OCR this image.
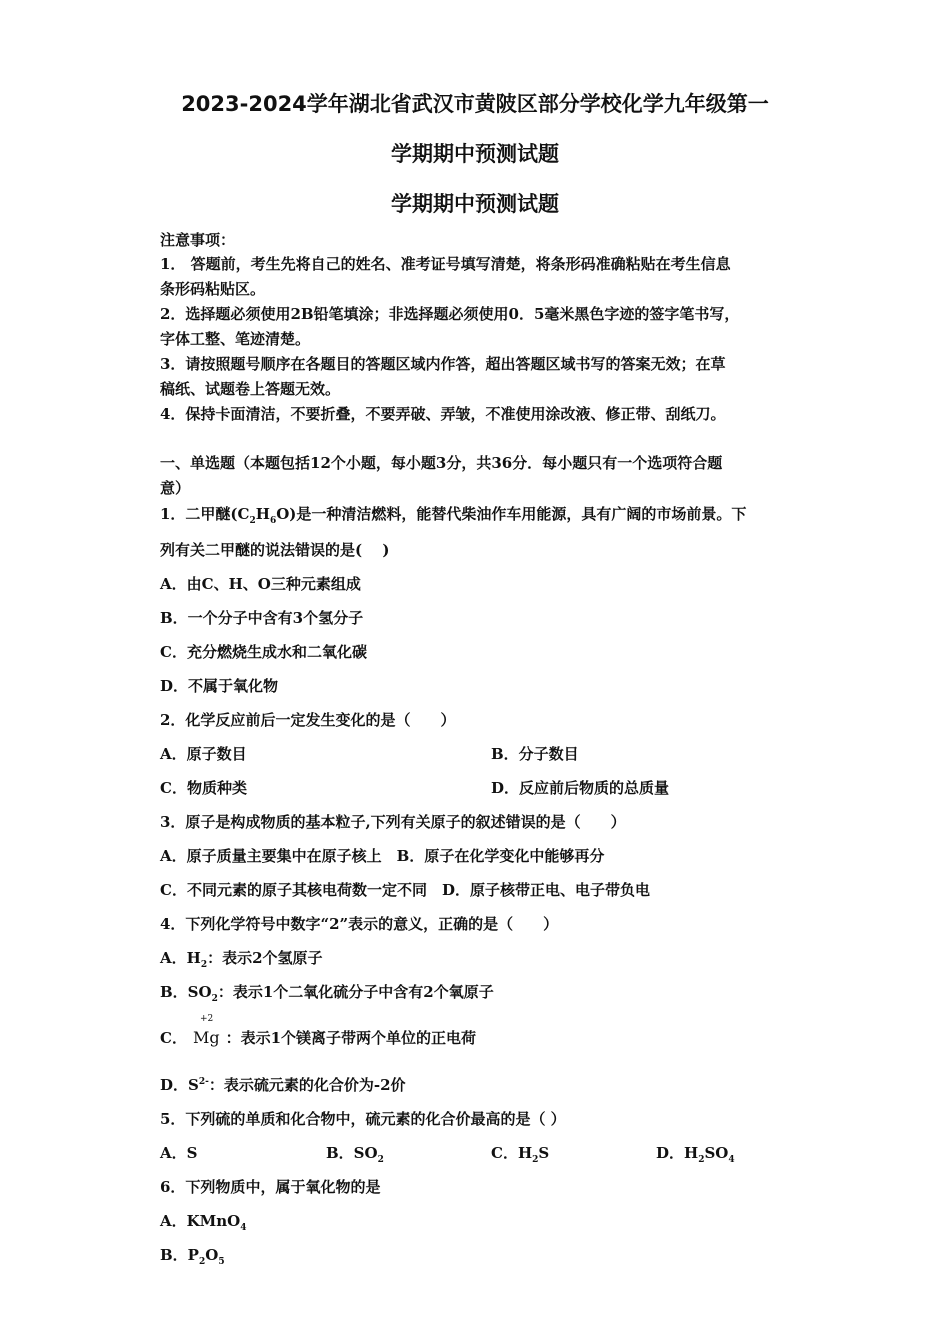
2023-2024学年湖北省武汉市黄陂区部分学校化学九年级第一
学期期中预测试题
学期期中预测试题
注意事项：
1． 答题前，考生先将自己的姓名、准考证号填写清楚，将条形码准确粘贴在考生信息
条形码粘贴区。
2．选择题必须使用2B铅笔填涂；非选择题必须使用0．5毫米黑色字迹的签字笔书写，
字体工整、笔迹清楚。
3．请按照题号顺序在各题目的答题区域内作答，超出答题区域书写的答案无效；在草
稿纸、试题卷上答题无效。
4．保持卡面清洁，不要折叠，不要弄破、弄皱，不准使用涂改液、修正带、刮纸刀。
一、单选题（本题包括12个小题，每小题3分，共36分．每小题只有一个选项符合题
意）
1．二甲醚$(C_2H_6O)$是一种清洁燃料，能替代柴油作车用能源，具有广阔的市场前景。下
列有关二甲醚的说法错误的是(　 )
A．由C、H、O三种元素组成
B．一个分子中含有3个氢分子
C．充分燃烧生成水和二氧化碳
D．不属于氧化物
2．化学反应前后一定发生变化的是（　　）
A．原子数目	B．分子数目
C．物质种类	D．反应前后物质的总质量
3．原子是构成物质的基本粒子,下列有关原子的叙述错误的是（　　）
A．原子质量主要集中在原子核上　B．原子在化学变化中能够再分
C．不同元素的原子其核电荷数一定不同　D．原子核带正电、电子带负电
4．下列化学符号中数字“2”表示的意义，正确的是（　　）
A．$H_2$：表示2个氢原子
B．$SO_2$：表示1个二氧化硫分子中含有2个氧原子
C．
+2
Mg ：表示1个镁离子带两个单位的正电荷
D．$S^{2-}$：表示硫元素的化合价为-2价
5．下列硫的单质和化合物中，硫元素的化合价最高的是（ ）
A．S	B．$SO_2$	C．$H_2S$	D．$H_2SO_4$
6．下列物质中，属于氧化物的是
A．KMnO$_4$
B．$P_2O_5$
